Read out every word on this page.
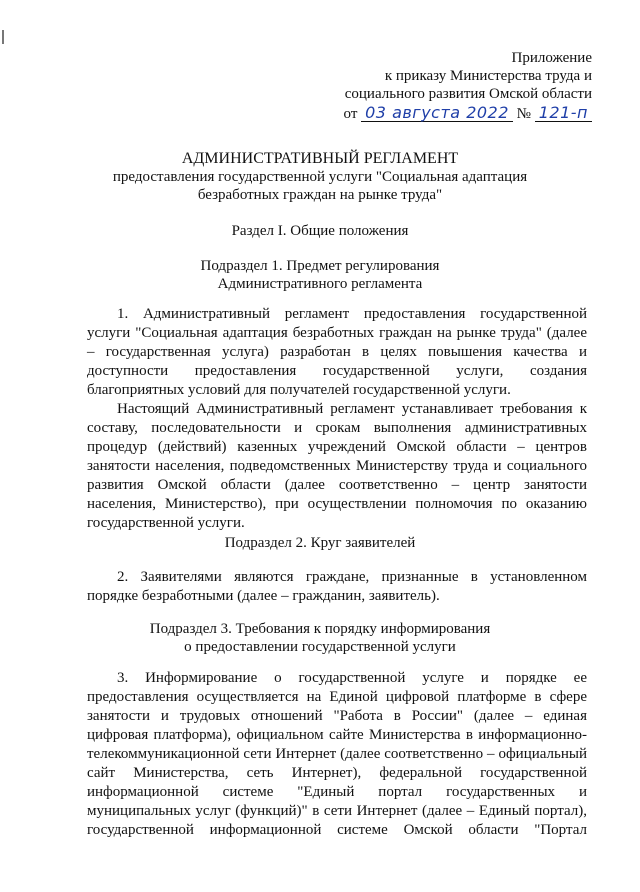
Приложение
к приказу Министерства труда и
социального развития Омской области
от 03 августа 2022 № 121-п
АДМИНИСТРАТИВНЫЙ РЕГЛАМЕНТ
предоставления государственной услуги "Социальная адаптация
безработных граждан на рынке труда"
Раздел I. Общие положения
Подраздел 1. Предмет регулирования
Административного регламента

1. Административный регламент предоставления государственной услуги "Социальная адаптация безработных граждан на рынке труда" (далее – государственная услуга) разработан в целях повышения качества и доступности предоставления государственной услуги, создания благоприятных условий для получателей государственной услуги.

Настоящий Административный регламент устанавливает требования к составу, последовательности и срокам выполнения административных процедур (действий) казенных учреждений Омской области – центров занятости населения, подведомственных Министерству труда и социального развития Омской области (далее соответственно – центр занятости населения, Министерство), при осуществлении полномочия по оказанию государственной услуги.

Подраздел 2. Круг заявителей

2. Заявителями являются граждане, признанные в установленном порядке безработными (далее – гражданин, заявитель).

Подраздел 3. Требования к порядку информирования
о предоставлении государственной услуги

3. Информирование о государственной услуге и порядке ее предоставления осуществляется на Единой цифровой платформе в сфере занятости и трудовых отношений "Работа в России" (далее – единая цифровая платформа), официальном сайте Министерства в информационно-телекоммуникационной сети Интернет (далее соответственно – официальный сайт Министерства, сеть Интернет), федеральной государственной информационной системе "Единый портал государственных и муниципальных услуг (функций)" в сети Интернет (далее – Единый портал), государственной информационной системе Омской области "Портал
